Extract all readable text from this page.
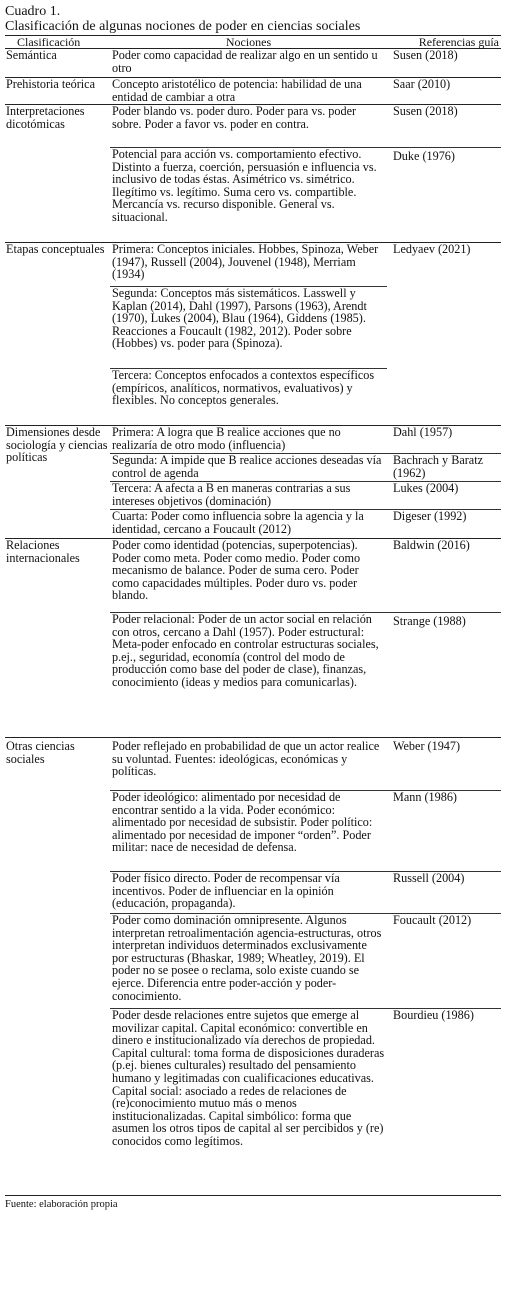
Cuadro 1.
Clasificación de algunas nociones de poder en ciencias sociales
Clasificación	Nociones	Referencias guía
Semántica	Poder como capacidad de realizar algo en un sentido u otro	Susen (2018)
Prehistoria teórica	Concepto aristotélico de potencia: habilidad de una entidad de cambiar a otra	Saar (2010)
Interpretaciones dicotómicas	Poder blando vs. poder duro. Poder para vs. poder sobre. Poder a favor vs. poder en contra.	Susen (2018)
	Potencial para acción vs. comportamiento efectivo. Distinto a fuerza, coerción, persuasión e influencia vs. inclusivo de todas éstas. Asimétrico vs. simétrico. Ilegítimo vs. legítimo. Suma cero vs. compartible. Mercancía vs. recurso disponible. General vs. situacional.	Duke (1976)
Etapas conceptuales	Primera: Conceptos iniciales. Hobbes, Spinoza, Weber (1947), Russell (2004), Jouvenel (1948), Merriam (1934)	Ledyaev (2021)
	Segunda: Conceptos más sistemáticos. Lasswell y Kaplan (2014), Dahl (1997), Parsons (1963), Arendt (1970), Lukes (2004), Blau (1964), Giddens (1985). Reacciones a Foucault (1982, 2012). Poder sobre (Hobbes) vs. poder para (Spinoza).	
	Tercera: Conceptos enfocados a contextos específicos (empíricos, analíticos, normativos, evaluativos) y flexibles. No conceptos generales.	
Dimensiones desde sociología y ciencias políticas	Primera: A logra que B realice acciones que no realizaría de otro modo (influencia)	Dahl (1957)
	Segunda: A impide que B realice acciones deseadas vía control de agenda	Bachrach y Baratz (1962)
	Tercera: A afecta a B en maneras contrarias a sus intereses objetivos (dominación)	Lukes (2004)
	Cuarta: Poder como influencia sobre la agencia y la identidad, cercano a Foucault (2012)	Digeser (1992)
Relaciones internacionales	Poder como identidad (potencias, superpotencias). Poder como meta. Poder como medio. Poder como mecanismo de balance. Poder de suma cero. Poder como capacidades múltiples. Poder duro vs. poder blando.	Baldwin (2016)
	Poder relacional: Poder de un actor social en relación con otros, cercano a Dahl (1957). Poder estructural: Meta-poder enfocado en controlar estructuras sociales, p.ej., seguridad, economía (control del modo de producción como base del poder de clase), finanzas, conocimiento (ideas y medios para comunicarlas).	Strange (1988)
Otras ciencias sociales	Poder reflejado en probabilidad de que un actor realice su voluntad. Fuentes: ideológicas, económicas y políticas.	Weber (1947)
	Poder ideológico: alimentado por necesidad de encontrar sentido a la vida. Poder económico: alimentado por necesidad de subsistir. Poder político: alimentado por necesidad de imponer “orden”. Poder militar: nace de necesidad de defensa.	Mann (1986)
	Poder físico directo. Poder de recompensar vía incentivos. Poder de influenciar en la opinión (educación, propaganda).	Russell (2004)
	Poder como dominación omnipresente. Algunos interpretan retroalimentación agencia-estructuras, otros interpretan individuos determinados exclusivamente por estructuras (Bhaskar, 1989; Wheatley, 2019). El poder no se posee o reclama, solo existe cuando se ejerce. Diferencia entre poder-acción y poder-conocimiento.	Foucault (2012)
	Poder desde relaciones entre sujetos que emerge al movilizar capital. Capital económico: convertible en dinero e institucionalizado vía derechos de propiedad. Capital cultural: toma forma de disposiciones duraderas (p.ej. bienes culturales) resultado del pensamiento humano y legitimadas con cualificaciones educativas. Capital social: asociado a redes de relaciones de (re)conocimiento mutuo más o menos institucionalizadas. Capital simbólico: forma que asumen los otros tipos de capital al ser percibidos y (re) conocidos como legítimos.	Bourdieu (1986)
Fuente: elaboración propia
